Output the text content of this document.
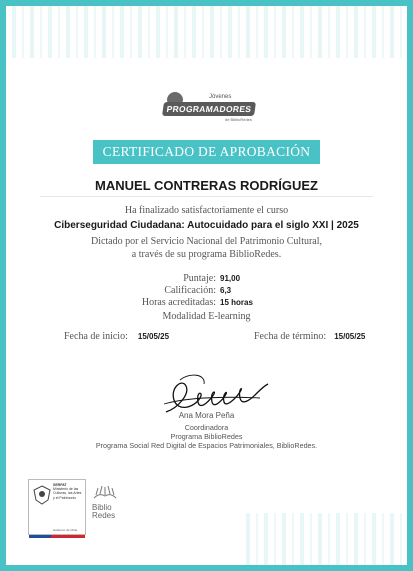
Jóvenes
PROGRAMADORES
de BiblioRedes
CERTIFICADO DE APROBACIÓN
MANUEL CONTRERAS RODRÍGUEZ
Ha finalizado satisfactoriamente el curso
Ciberseguridad Ciudadana: Autocuidado para el siglo XXI | 2025
Dictado por el Servicio Nacional del Patrimonio Cultural,
a través de su programa BiblioRedes.
Puntaje: 91,00
Calificación: 6,3
Horas acreditadas: 15 horas
Modalidad E-learning
Fecha de inicio: 15/05/25	Fecha de término: 15/05/25
Ana Mora Peña
Coordinadora
Programa BiblioRedes
Programa Social Red Digital de Espacios Patrimoniales, BiblioRedes.
SERPAT
Ministerio de las Culturas, las Artes y el Patrimonio
Gobierno de Chile
Biblio
Redes
